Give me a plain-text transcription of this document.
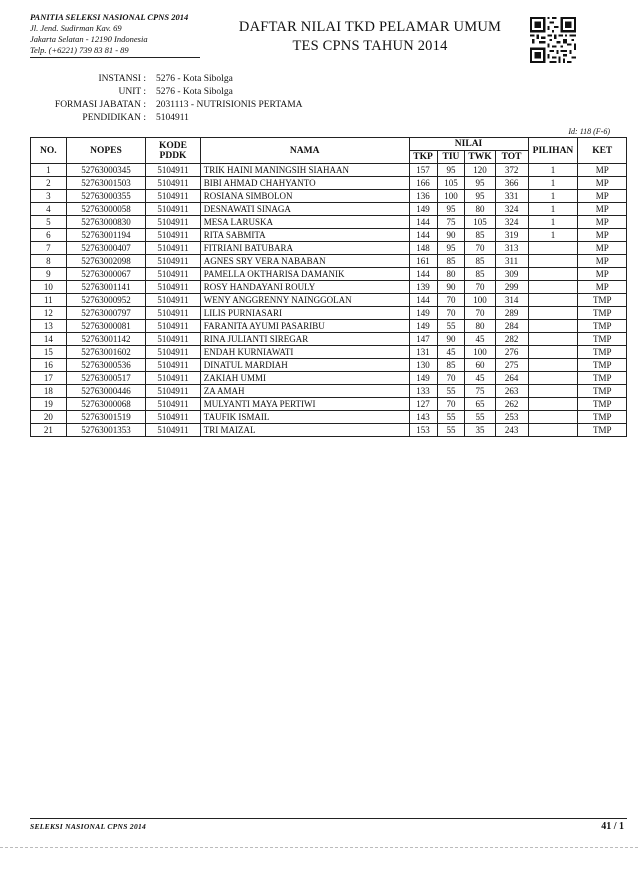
PANITIA SELEKSI NASIONAL CPNS 2014
Jl. Jend. Sudirman Kav. 69
Jakarta Selatan - 12190 Indonesia
Telp. (+6221) 739 83 81 - 89
DAFTAR NILAI TKD PELAMAR UMUM
TES CPNS TAHUN 2014
INSTANSI :	5276 - Kota Sibolga
UNIT :	5276 - Kota Sibolga
FORMASI JABATAN :	2031113 - NUTRISIONIS PERTAMA
PENDIDIKAN :	5104911
Id: 118 (F-6)
NO.	NOPES	KODE PDDK	NAMA	NILAI				PILIHAN	KET
				TKP	TIU	TWK	TOT		
1	52763000345	5104911	TRIK HAINI MANINGSIH SIAHAAN	157	95	120	372	1	MP
2	52763001503	5104911	BIBI AHMAD CHAHYANTO	166	105	95	366	1	MP
3	52763000355	5104911	ROSIANA SIMBOLON	136	100	95	331	1	MP
4	52763000058	5104911	DESNAWATI SINAGA	149	95	80	324	1	MP
5	52763000830	5104911	MESA LARUSKA	144	75	105	324	1	MP
6	52763001194	5104911	RITA SABMITA	144	90	85	319	1	MP
7	52763000407	5104911	FITRIANI BATUBARA	148	95	70	313		MP
8	52763002098	5104911	AGNES SRY VERA NABABAN	161	85	85	311		MP
9	52763000067	5104911	PAMELLA OKTHARISA DAMANIK	144	80	85	309		MP
10	52763001141	5104911	ROSY HANDAYANI ROULY	139	90	70	299		MP
11	52763000952	5104911	WENY ANGGRENNY NAINGGOLAN	144	70	100	314		TMP
12	52763000797	5104911	LILIS PURNIASARI	149	70	70	289		TMP
13	52763000081	5104911	FARANITA AYUMI PASARIBU	149	55	80	284		TMP
14	52763001142	5104911	RINA JULIANTI SIREGAR	147	90	45	282		TMP
15	52763001602	5104911	ENDAH KURNIAWATI	131	45	100	276		TMP
16	52763000536	5104911	DINATUL MARDIAH	130	85	60	275		TMP
17	52763000517	5104911	ZAKIAH UMMI	149	70	45	264		TMP
18	52763000446	5104911	ZA AMAH	133	55	75	263		TMP
19	52763000068	5104911	MULYANTI MAYA PERTIWI	127	70	65	262		TMP
20	52763001519	5104911	TAUFIK ISMAIL	143	55	55	253		TMP
21	52763001353	5104911	TRI MAIZAL	153	55	35	243		TMP
SELEKSI NASIONAL CPNS 2014	41 / 1
